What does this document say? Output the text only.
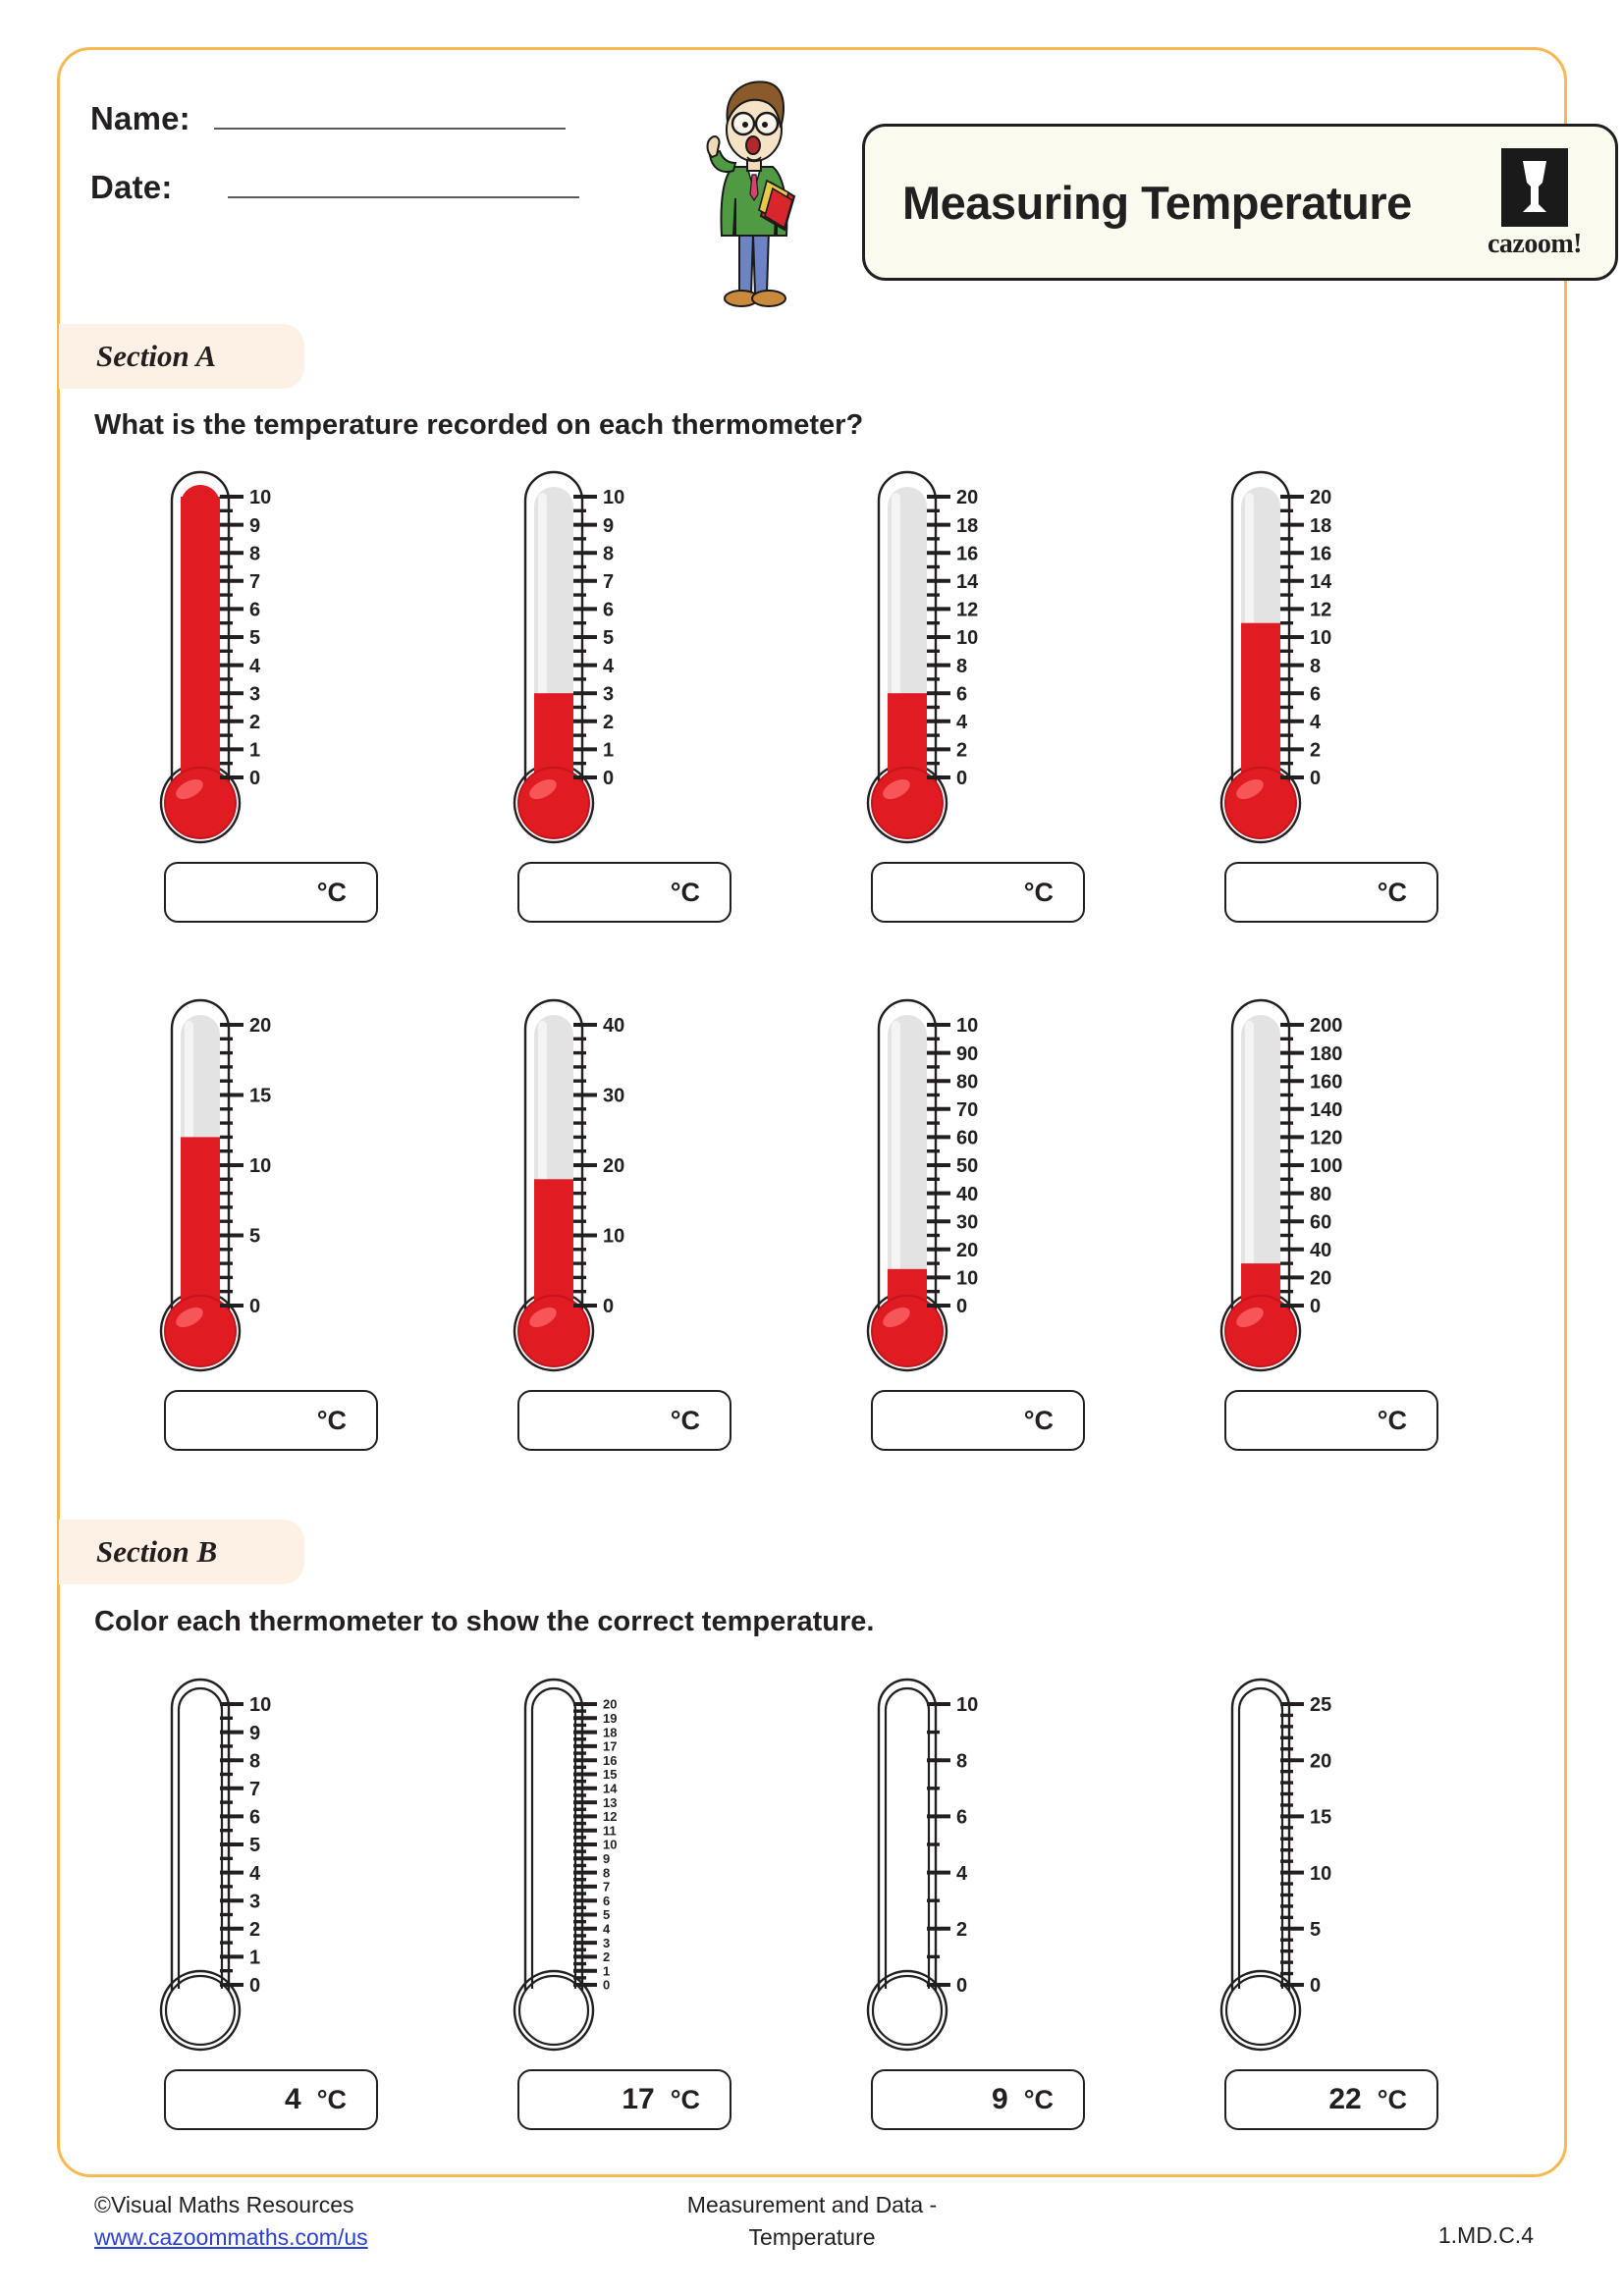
Name:
Date:	Measuring Temperature
cazoom!
Section A
What is the temperature recorded on each thermometer?
0
1
2
3
4
5
6
7
8
9
10
°C
0
1
2
3
4
5
6
7
8
9
10
°C
0
2
4
6
8
10
12
14
16
18
20
°C
0
2
4
6
8
10
12
14
16
18
20
°C
0
5
10
15
20
°C
0
10
20
30
40
°C
0
10
20
30
40
50
60
70
80
90
10
°C
0
20
40
60
80
100
120
140
160
180
200
°C
Section B
Color each thermometer to show the correct temperature.
0
1
2
3
4
5
6
7
8
9
10
4 °C
0
1
2
3
4
5
6
7
8
9
10
11
12
13
14
15
16
17
18
19
20
17 °C
0
2
4
6
8
10
9 °C
0
5
10
15
20
25
22 °C
©Visual Maths Resources
www.cazoommaths.com/us
Measurement and Data -
Temperature	1.MD.C.4
